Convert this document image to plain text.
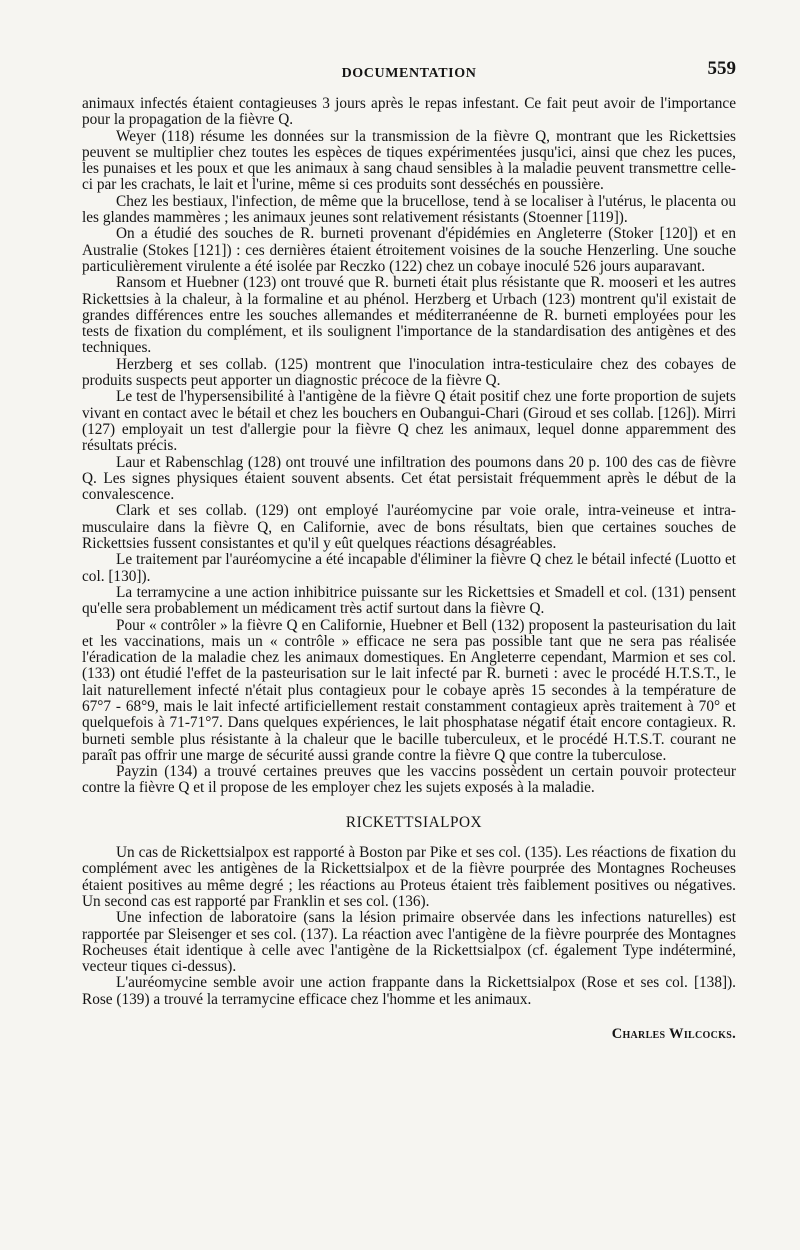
DOCUMENTATION	559

animaux infectés étaient contagieuses 3 jours après le repas infestant. Ce fait peut avoir de l'importance pour la propagation de la fièvre Q.

Weyer (118) résume les données sur la transmission de la fièvre Q, montrant que les Rickettsies peuvent se multiplier chez toutes les espèces de tiques expérimentées jusqu'ici, ainsi que chez les puces, les punaises et les poux et que les animaux à sang chaud sensibles à la maladie peuvent transmettre celle-ci par les crachats, le lait et l'urine, même si ces produits sont desséchés en poussière.

Chez les bestiaux, l'infection, de même que la brucellose, tend à se localiser à l'utérus, le placenta ou les glandes mammères ; les animaux jeunes sont relativement résistants (Stoenner [119]).

On a étudié des souches de R. burneti provenant d'épidémies en Angleterre (Stoker [120]) et en Australie (Stokes [121]) : ces dernières étaient étroitement voisines de la souche Henzerling. Une souche particulièrement virulente a été isolée par Reczko (122) chez un cobaye inoculé 526 jours auparavant.

Ransom et Huebner (123) ont trouvé que R. burneti était plus résistante que R. mooseri et les autres Rickettsies à la chaleur, à la formaline et au phénol. Herzberg et Urbach (123) montrent qu'il existait de grandes différences entre les souches allemandes et méditerranéenne de R. burneti employées pour les tests de fixation du complément, et ils soulignent l'importance de la standardisation des antigènes et des techniques.

Herzberg et ses collab. (125) montrent que l'inoculation intra-testiculaire chez des cobayes de produits suspects peut apporter un diagnostic précoce de la fièvre Q.

Le test de l'hypersensibilité à l'antigène de la fièvre Q était positif chez une forte proportion de sujets vivant en contact avec le bétail et chez les bouchers en Oubangui-Chari (Giroud et ses collab. [126]). Mirri (127) employait un test d'allergie pour la fièvre Q chez les animaux, lequel donne apparemment des résultats précis.

Laur et Rabenschlag (128) ont trouvé une infiltration des poumons dans 20 p. 100 des cas de fièvre Q. Les signes physiques étaient souvent absents. Cet état persistait fréquemment après le début de la convalescence.

Clark et ses collab. (129) ont employé l'auréomycine par voie orale, intra-veineuse et intra-musculaire dans la fièvre Q, en Californie, avec de bons résultats, bien que certaines souches de Rickettsies fussent consistantes et qu'il y eût quelques réactions désagréables.

Le traitement par l'auréomycine a été incapable d'éliminer la fièvre Q chez le bétail infecté (Luotto et col. [130]).

La terramycine a une action inhibitrice puissante sur les Rickettsies et Smadell et col. (131) pensent qu'elle sera probablement un médicament très actif surtout dans la fièvre Q.

Pour « contrôler » la fièvre Q en Californie, Huebner et Bell (132) proposent la pasteurisation du lait et les vaccinations, mais un « contrôle » efficace ne sera pas possible tant que ne sera pas réalisée l'éradication de la maladie chez les animaux domestiques. En Angleterre cependant, Marmion et ses col. (133) ont étudié l'effet de la pasteurisation sur le lait infecté par R. burneti : avec le procédé H.T.S.T., le lait naturellement infecté n'était plus contagieux pour le cobaye après 15 secondes à la température de 67°7 - 68°9, mais le lait infecté artificiellement restait constamment contagieux après traitement à 70° et quelquefois à 71-71°7. Dans quelques expériences, le lait phosphatase négatif était encore contagieux. R. burneti semble plus résistante à la chaleur que le bacille tuberculeux, et le procédé H.T.S.T. courant ne paraît pas offrir une marge de sécurité aussi grande contre la fièvre Q que contre la tuberculose.

Payzin (134) a trouvé certaines preuves que les vaccins possèdent un certain pouvoir protecteur contre la fièvre Q et il propose de les employer chez les sujets exposés à la maladie.

RICKETTSIALPOX

Un cas de Rickettsialpox est rapporté à Boston par Pike et ses col. (135). Les réactions de fixation du complément avec les antigènes de la Rickettsialpox et de la fièvre pourprée des Montagnes Rocheuses étaient positives au même degré ; les réactions au Proteus étaient très faiblement positives ou négatives. Un second cas est rapporté par Franklin et ses col. (136).

Une infection de laboratoire (sans la lésion primaire observée dans les infections naturelles) est rapportée par Sleisenger et ses col. (137). La réaction avec l'antigène de la fièvre pourprée des Montagnes Rocheuses était identique à celle avec l'antigène de la Rickettsialpox (cf. également Type indéterminé, vecteur tiques ci-dessus).

L'auréomycine semble avoir une action frappante dans la Rickettsialpox (Rose et ses col. [138]). Rose (139) a trouvé la terramycine efficace chez l'homme et les animaux.

Charles Wilcocks.
